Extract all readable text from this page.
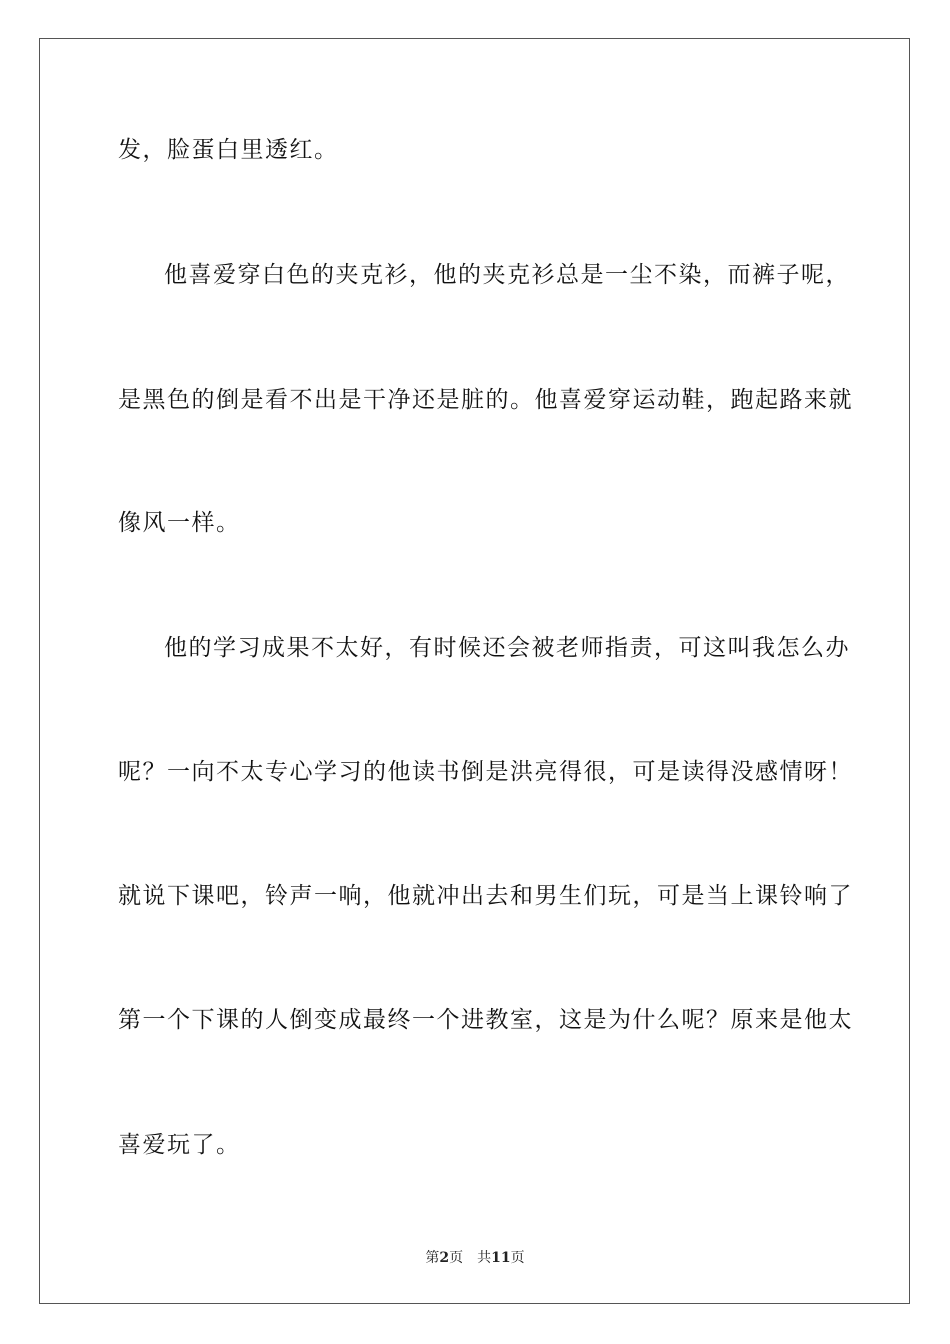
发，脸蛋白里透红。
他喜爱穿白色的夹克衫，他的夹克衫总是一尘不染，而裤子呢，
是黑色的倒是看不出是干净还是脏的。他喜爱穿运动鞋，跑起路来就
像风一样。
他的学习成果不太好，有时候还会被老师指责，可这叫我怎么办
呢？一向不太专心学习的他读书倒是洪亮得很，可是读得没感情呀！
就说下课吧，铃声一响，他就冲出去和男生们玩，可是当上课铃响了
第一个下课的人倒变成最终一个进教室，这是为什么呢？原来是他太
喜爱玩了。
第2页 共11页
